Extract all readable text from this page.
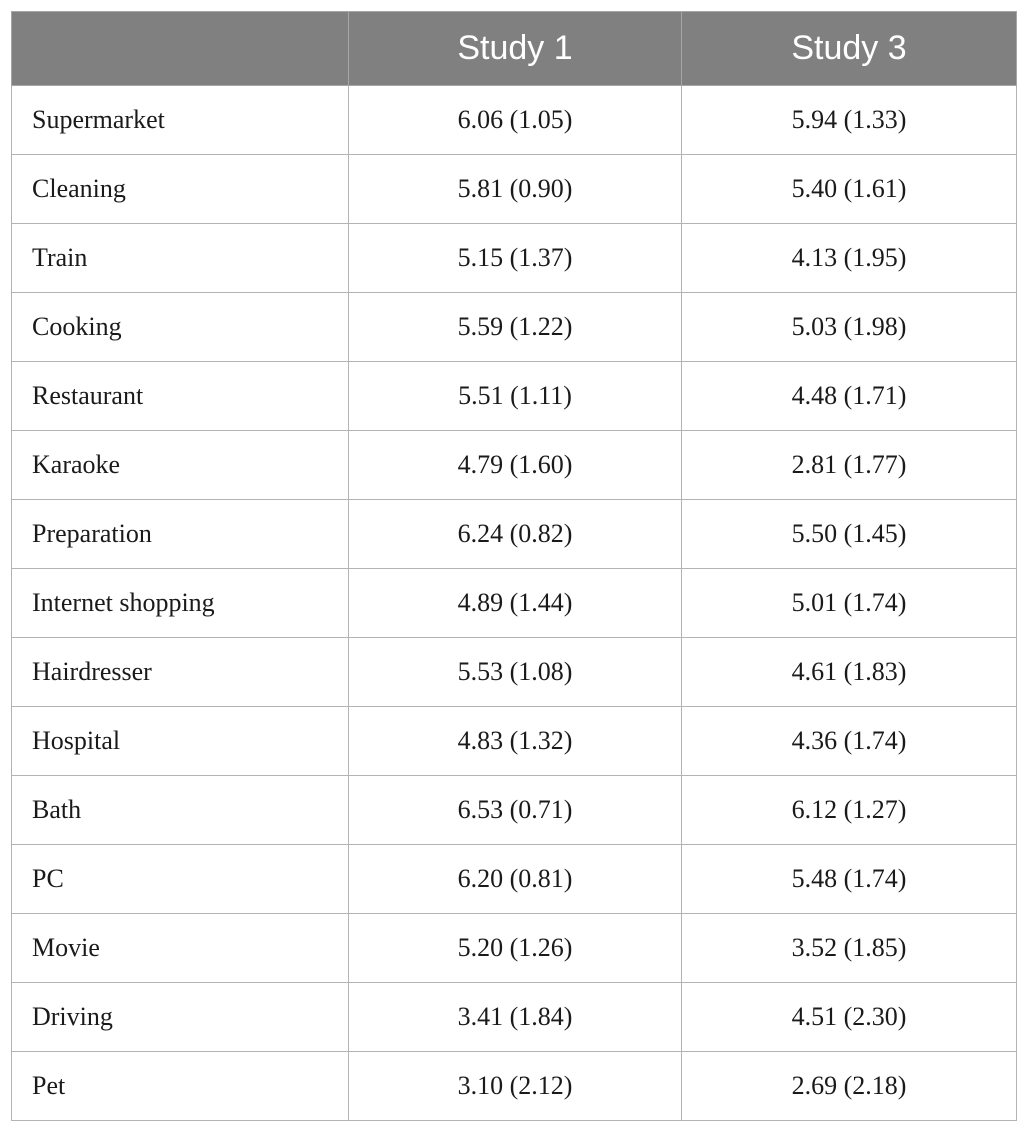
	Study 1	Study 3
Supermarket	6.06 (1.05)	5.94 (1.33)
Cleaning	5.81 (0.90)	5.40 (1.61)
Train	5.15 (1.37)	4.13 (1.95)
Cooking	5.59 (1.22)	5.03 (1.98)
Restaurant	5.51 (1.11)	4.48 (1.71)
Karaoke	4.79 (1.60)	2.81 (1.77)
Preparation	6.24 (0.82)	5.50 (1.45)
Internet shopping	4.89 (1.44)	5.01 (1.74)
Hairdresser	5.53 (1.08)	4.61 (1.83)
Hospital	4.83 (1.32)	4.36 (1.74)
Bath	6.53 (0.71)	6.12 (1.27)
PC	6.20 (0.81)	5.48 (1.74)
Movie	5.20 (1.26)	3.52 (1.85)
Driving	3.41 (1.84)	4.51 (2.30)
Pet	3.10 (2.12)	2.69 (2.18)
